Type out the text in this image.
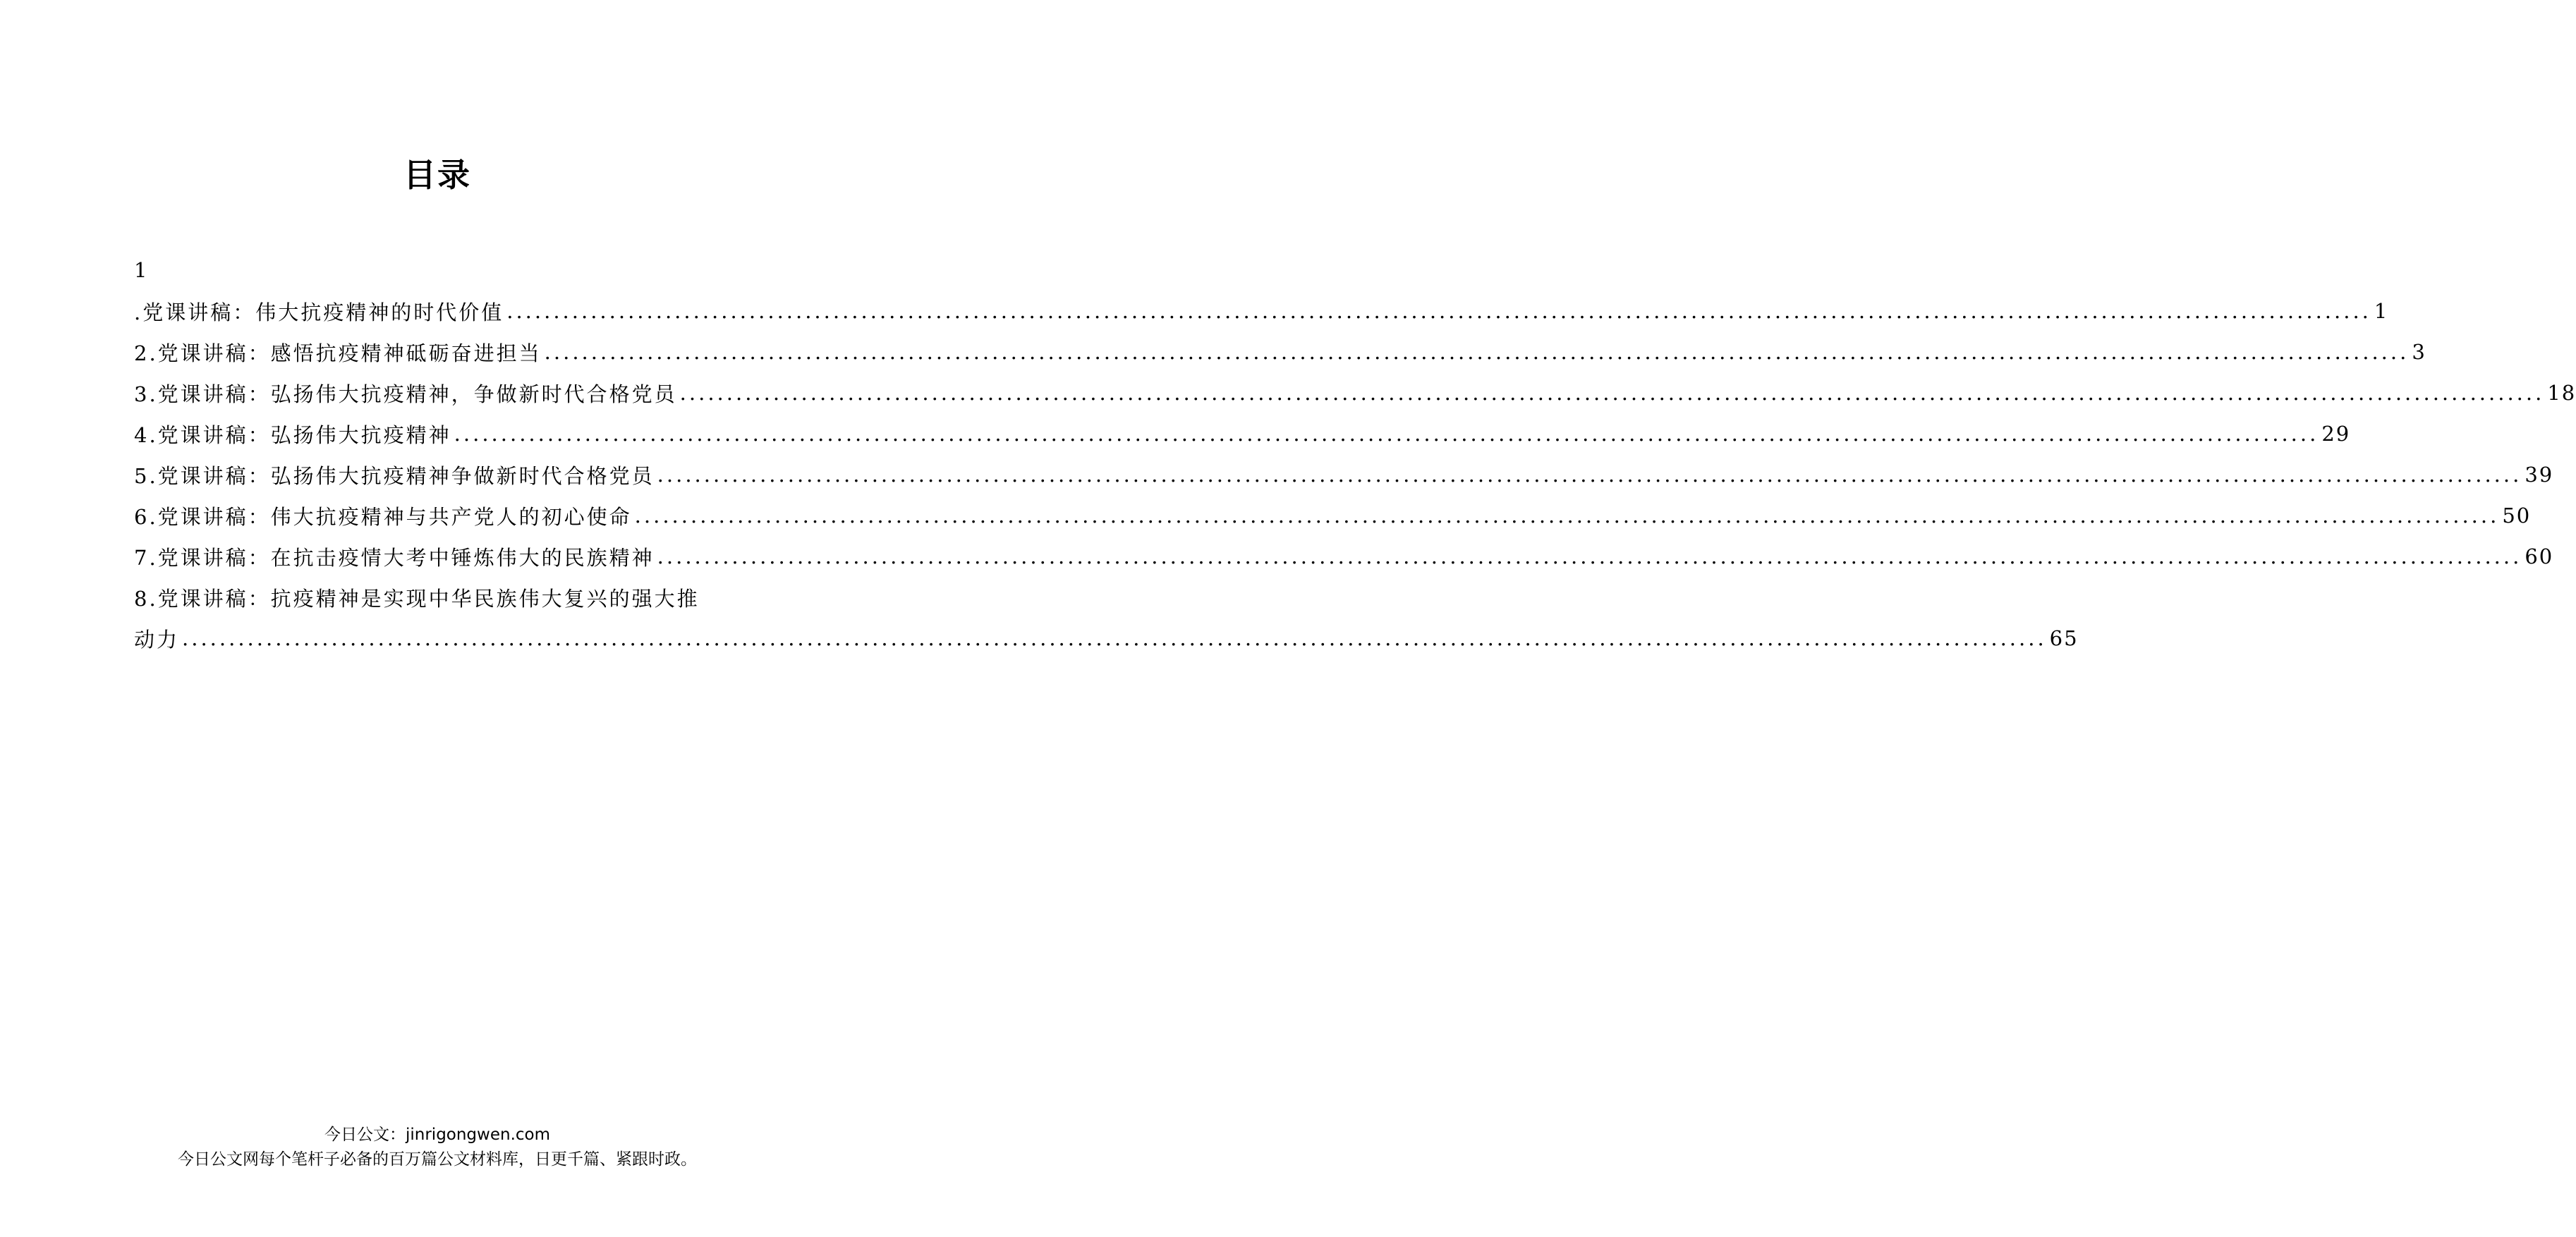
目录
1
.党课讲稿：伟大抗疫精神的时代价值 ........................................................................................................................................................................................................ 1
2.党课讲稿：感悟抗疫精神砥砺奋进担当 ........................................................................................................................................................................................................ 3
3.党课讲稿：弘扬伟大抗疫精神，争做新时代合格党员 ........................................................................................................................................................................................................ 18
4.党课讲稿：弘扬伟大抗疫精神 ........................................................................................................................................................................................................ 29
5.党课讲稿：弘扬伟大抗疫精神争做新时代合格党员 ........................................................................................................................................................................................................ 39
6.党课讲稿：伟大抗疫精神与共产党人的初心使命 ........................................................................................................................................................................................................ 50
7.党课讲稿：在抗击疫情大考中锤炼伟大的民族精神 ........................................................................................................................................................................................................ 60
8.党课讲稿：抗疫精神是实现中华民族伟大复兴的强大推
动力 ........................................................................................................................................................................................................ 65
今日公文：jinrigongwen.com
今日公文网每个笔杆子必备的百万篇公文材料库，日更千篇、紧跟时政。
